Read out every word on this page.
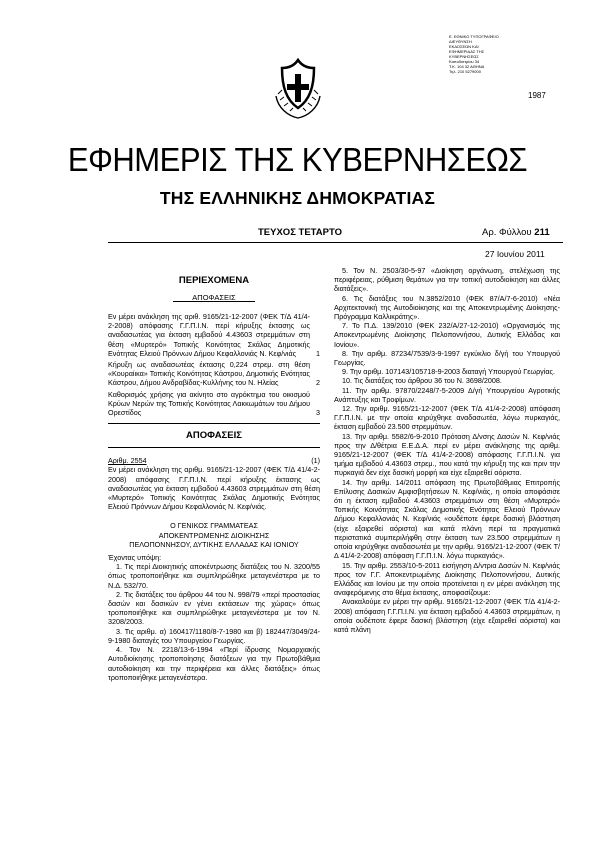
Ε. ΕΘΝΙΚΟ ΤΥΠΟΓΡΑΦΕΙΟ
ΔΙΕΥΘΥΝΣΗ
ΕΚΔΟΣΕΩΝ ΚΑΙ
ΕΦΗΜΕΡΙΔΑΣ ΤΗΣ ΚΥΒΕΡΝΗΣΕΩΣ
Καποδιστρίου 34
Τ.Κ. 104 32 ΑΘΗΝΑ
Τηλ. 210 5279000
1987
ΕΦΗΜΕΡΙΣ ΤΗΣ ΚΥΒΕΡΝΗΣΕΩΣ
ΤΗΣ ΕΛΛΗΝΙΚΗΣ ΔΗΜΟΚΡΑΤΙΑΣ
ΤΕΥΧΟΣ ΤΕΤΑΡΤΟ	Αρ. Φύλλου 211
27 Ιουνίου 2011
ΠΕΡΙΕΧΟΜΕΝΑ
ΑΠΟΦΑΣΕΙΣ
Εν μέρει ανάκληση της αριθ. 9165/21-12-2007 (ΦΕΚ Τ/Δ 41/4-2-2008) απόφασης Γ.Γ.Π.Ι.Ν. περί κήρυξης έκτασης ως αναδασωτέας για έκταση εμβαδού 4.43603 στρεμμάτων στη θέση «Μυρτερό» Τοπικής Κοινότητας Σκάλας Δημοτικής Ενότητας Ελειού Πρόννων Δήμου Κεφαλλονιάς Ν. Κεφ/νιάς	1
Κήρυξη ως αναδασωτέας έκτασης 0,224 στρεμ. στη θέση «Κουραίικα» Τοπικής Κοινότητας Κάστρου, Δημοτικής Ενότητας Κάστρου, Δήμου Ανδραβίδας-Κυλλήνης του Ν. Ηλείας	2
Καθορισμός χρήσης για ακίνητο στο αγρόκτημα του οικισμού Κρύων Νερών της Τοπικής Κοινότητας Λακκωμάτων του Δήμου Ορεστίδος	3
ΑΠΟΦΑΣΕΙΣ
Αριθμ. 2554	(1)
Εν μέρει ανάκληση της αριθμ. 9165/21-12-2007 (ΦΕΚ Τ/Δ 41/4-2-2008) απόφασης Γ.Γ.Π.Ι.Ν. περί κήρυξης έκτασης ως αναδασωτέας για έκταση εμβαδού 4.43603 στρεμμάτων στη θέση «Μυρτερό» Τοπικής Κοινότητας Σκάλας Δημοτικής Ενότητας Ελειού Πρόννων Δήμου Κεφαλλονιάς Ν. Κεφ/νιάς.
Ο ΓΕΝΙΚΟΣ ΓΡΑΜΜΑΤΕΑΣ
ΑΠΟΚΕΝΤΡΩΜΕΝΗΣ ΔΙΟΙΚΗΣΗΣ
ΠΕΛΟΠΟΝΝΗΣΟΥ, ΔΥΤΙΚΗΣ ΕΛΛΑΔΑΣ ΚΑΙ ΙΟΝΙΟΥ
Έχοντας υπόψη:

1. Τις περί Διοικητικής αποκέντρωσης διατάξεις του Ν. 3200/55 όπως τροποποιήθηκε και συμπληρώθηκε μεταγενέστερα με το Ν.Δ. 532/70.

2. Τις διατάξεις του άρθρου 44 του Ν. 998/79 «περί προστασίας δασών και δασικών εν γένει εκτάσεων της χώρας» όπως τροποποιήθηκε και συμπληρώθηκε μεταγενέστερα με τον Ν. 3208/2003.

3. Τις αριθμ. α) 160417/1180/8-7-1980 και β) 182447/3049/24-9-1980 διαταγές του Υπουργείου Γεωργίας.

4. Τον Ν. 2218/13-6-1994 «Περί ίδρυσης Νομαρχιακής Αυτοδιοίκησης τροποποίησης διατάξεων για την Πρωτοβάθμια αυτοδιοίκηση και την περιφέρεια και άλλες διατάξεις» όπως τροποποιήθηκε μεταγενέστερα.

5. Τον Ν. 2503/30-5-97 «Διοίκηση οργάνωση, στελέχωση της περιφέρειας, ρύθμιση θεμάτων για την τοπική αυτοδιοίκηση και άλλες διατάξεις».

6. Τις διατάξεις του Ν.3852/2010 (ΦΕΚ 87/Α/7-6-2010) «Νέα Αρχιτεκτονική της Αυτοδιοίκησης και της Αποκεντρωμένης Διοίκησης-Πρόγραμμα Καλλικράτης».

7. Το Π.Δ. 139/2010 (ΦΕΚ 232/Α/27-12-2010) «Οργανισμός της Αποκεντρωμένης Διοίκησης Πελοποννήσου, Δυτικής Ελλάδας και Ιονίου».

8. Την αριθμ. 87234/7539/3-9-1997 εγκύκλιο δ/γή του Υπουργού Γεωργίας.

9. Την αριθμ. 107143/105718-9-2003 διαταγή Υπουργού Γεωργίας.

10. Τις διατάξεις του άρθρου 36 του Ν. 3698/2008.

11. Την αριθμ. 97870/2248/7-5-2009 Δ/γή Υπουργείου Αγροτικής Ανάπτυξης και Τροφίμων.

12. Την αριθμ. 9165/21-12-2007 (ΦΕΚ Τ/Δ 41/4-2-2008) απόφαση Γ.Γ.Π.Ι.Ν. με την οποία κηρύχθηκε αναδασωτέα, λόγω πυρκαγιάς, έκταση εμβαδού 23.500 στρεμμάτων.

13. Την αριθμ. 5582/6-9-2010 Πρόταση Δ/νσης Δασών Ν. Κεφ/νιάς προς την Δ/θέτρια Ε.Ε.Δ.Α. περί εν μέρει ανάκλησης της αριθμ. 9165/21-12-2007 (ΦΕΚ Τ/Δ 41/4-2-2008) απόφασης Γ.Γ.Π.Ι.Ν. για τμήμα εμβαδού 4.43603 στρεμ., που κατά την κήρυξη της και πριν την πυρκαγιά δεν είχε δασική μορφή και είχε εξαιρεθεί αόριστα.

14. Την αριθμ. 14/2011 απόφαση της Πρωτοβάθμιας Επιτροπής Επίλυσης Δασικών Αμφισβητήσεων Ν. Κεφ/νιάς, η οποία αποφάσισε ότι η έκταση εμβαδού 4.43603 στρεμμάτων στη θέση «Μυρτερό» Τοπικής Κοινότητας Σκάλας Δημοτικής Ενότητας Ελειού Πρόννων Δήμου Κεφαλλονιάς Ν. Κεφ/νιάς «ουδέποτε έφερε δασική βλάστηση (είχε εξαιρεθεί αόριστα) και κατά πλάνη περί τα πραγματικά περιστατικά συμπεριλήφθη στην έκταση των 23.500 στρεμμάτων η οποία κηρύχθηκε αναδασωτέα με την αριθμ. 9165/21-12-2007 (ΦΕΚ Τ/Δ 41/4-2-2008) απόφαση Γ.Γ.Π.Ι.Ν. λόγω πυρκαγιάς».

15. Την αριθμ. 2553/10-5-2011 εισήγηση Δ/ντρια Δασών Ν. Κεφ/νιάς προς τον Γ.Γ. Αποκεντρωμένης Διοίκησης Πελοποννήσου, Δυτικής Ελλάδας και Ιονίου με την οποία προτείνεται η εν μέρει ανάκληση της αναφερόμενης στο θέμα έκτασης, αποφασίζουμε:

Ανακαλούμε εν μέρει την αριθμ. 9165/21-12-2007 (ΦΕΚ Τ/Δ 41/4-2-2008) απόφαση Γ.Γ.Π.Ι.Ν. για έκταση εμβαδού 4.43603 στρεμμάτων, η οποία ουδέποτε έφερε δασική βλάστηση (είχε εξαιρεθεί αόριστα) και κατά πλάνη
